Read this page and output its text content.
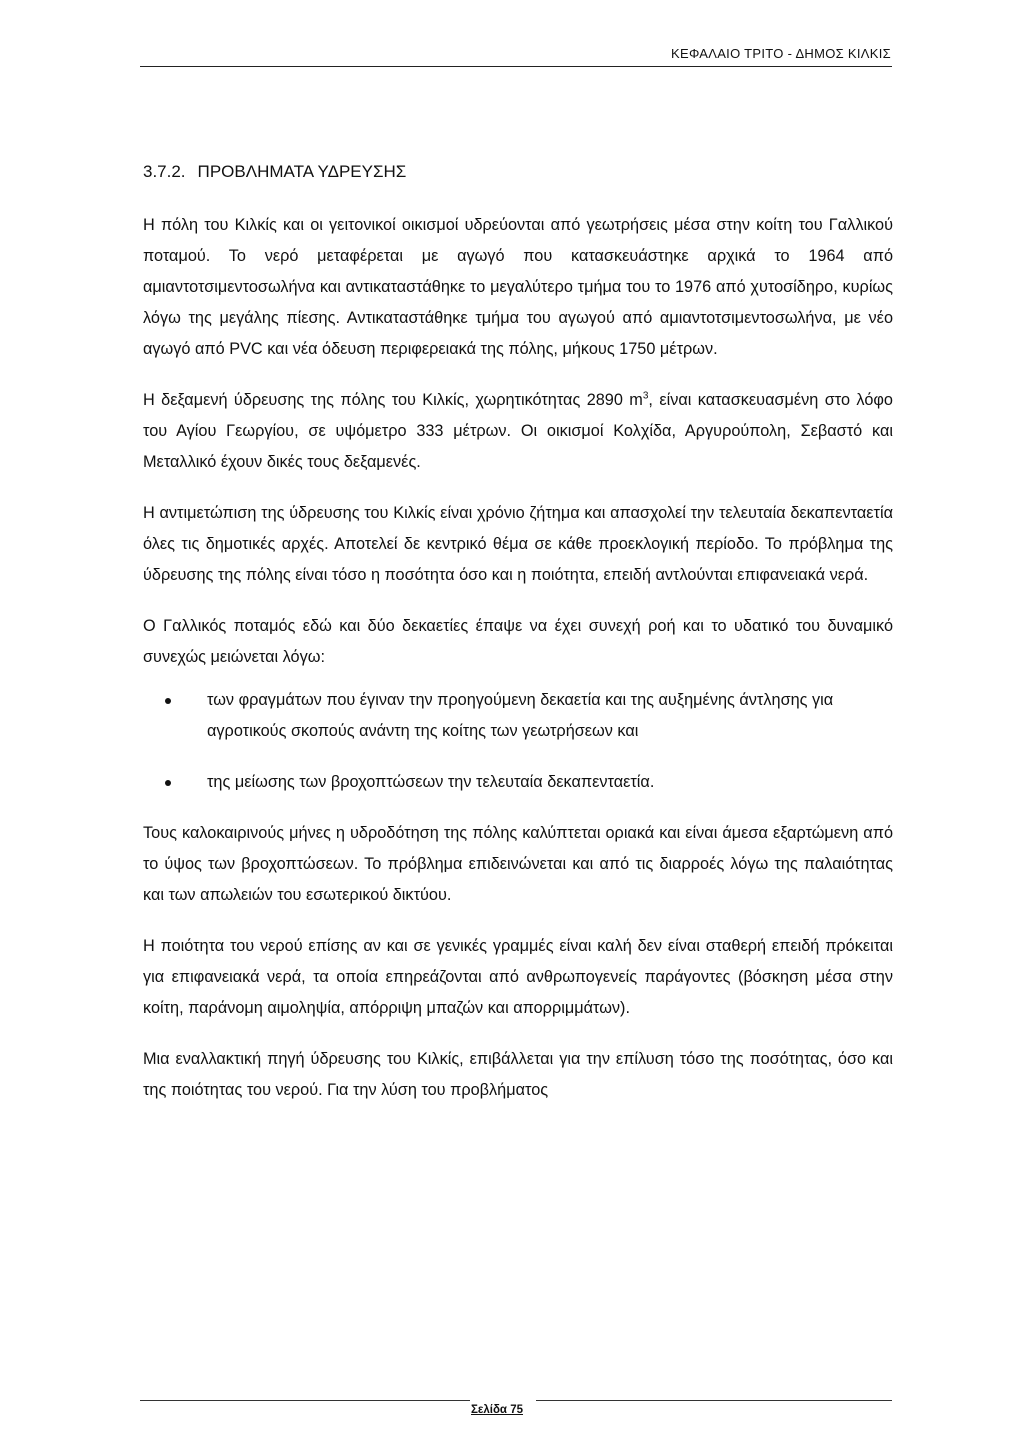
ΚΕΦΑΛΑΙΟ ΤΡΙΤΟ - ΔΗΜΟΣ ΚΙΛΚΙΣ
3.7.2. ΠΡΟΒΛΗΜΑΤΑ ΥΔΡΕΥΣΗΣ

Η πόλη του Κιλκίς και οι γειτονικοί οικισμοί υδρεύονται από γεωτρήσεις μέσα στην κοίτη του Γαλλικού ποταμού. Το νερό μεταφέρεται με αγωγό που κατασκευάστηκε αρχικά το 1964 από αμιαντοτσιμεντοσωλήνα και αντικαταστάθηκε το μεγαλύτερο τμήμα του το 1976 από χυτοσίδηρο, κυρίως λόγω της μεγάλης πίεσης. Αντικαταστάθηκε τμήμα του αγωγού από αμιαντοτσιμεντοσωλήνα, με νέο αγωγό από PVC και νέα όδευση περιφερειακά της πόλης, μήκους 1750 μέτρων.

Η δεξαμενή ύδρευσης της πόλης του Κιλκίς, χωρητικότητας 2890 $m^3$, είναι κατασκευασμένη στο λόφο του Αγίου Γεωργίου, σε υψόμετρο 333 μέτρων. Οι οικισμοί Κολχίδα, Αργυρούπολη, Σεβαστό και Μεταλλικό έχουν δικές τους δεξαμενές.

Η αντιμετώπιση της ύδρευσης του Κιλκίς είναι χρόνιο ζήτημα και απασχολεί την τελευταία δεκαπενταετία όλες τις δημοτικές αρχές. Αποτελεί δε κεντρικό θέμα σε κάθε προεκλογική περίοδο. Το πρόβλημα της ύδρευσης της πόλης είναι τόσο η ποσότητα όσο και η ποιότητα, επειδή αντλούνται επιφανειακά νερά.

Ο Γαλλικός ποταμός εδώ και δύο δεκαετίες έπαψε να έχει συνεχή ροή και το υδατικό του δυναμικό συνεχώς μειώνεται λόγω:

των φραγμάτων που έγιναν την προηγούμενη δεκαετία και της αυξημένης άντλησης για αγροτικούς σκοπούς ανάντη της κοίτης των γεωτρήσεων και
της μείωσης των βροχοπτώσεων την τελευταία δεκαπενταετία.

Τους καλοκαιρινούς μήνες η υδροδότηση της πόλης καλύπτεται οριακά και είναι άμεσα εξαρτώμενη από το ύψος των βροχοπτώσεων. Το πρόβλημα επιδεινώνεται και από τις διαρροές λόγω της παλαιότητας και των απωλειών του εσωτερικού δικτύου.

Η ποιότητα του νερού επίσης αν και σε γενικές γραμμές είναι καλή δεν είναι σταθερή επειδή πρόκειται για επιφανειακά νερά, τα οποία επηρεάζονται από ανθρωπογενείς παράγοντες (βόσκηση μέσα στην κοίτη, παράνομη αιμοληψία, απόρριψη μπαζών και απορριμμάτων).

Μια εναλλακτική πηγή ύδρευσης του Κιλκίς, επιβάλλεται για την επίλυση τόσο της ποσότητας, όσο και της ποιότητας του νερού. Για την λύση του προβλήματος

Σελίδα 75
